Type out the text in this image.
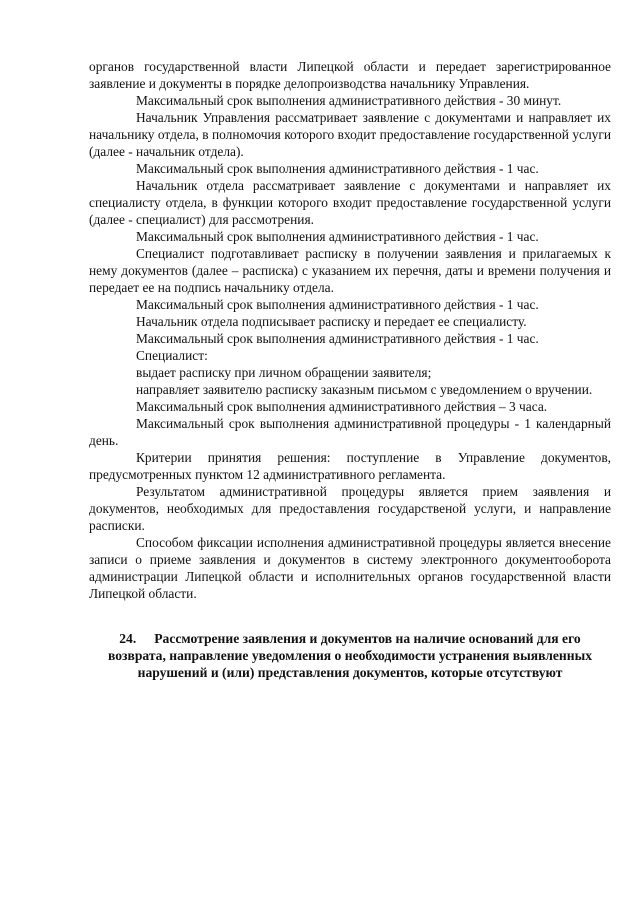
органов государственной власти Липецкой области и передает зарегистрированное заявление и документы в порядке делопроизводства начальнику Управления.

Максимальный срок выполнения административного действия - 30 минут.

Начальник Управления рассматривает заявление с документами и направляет их начальнику отдела, в полномочия которого входит предоставление государственной услуги (далее - начальник отдела).

Максимальный срок выполнения административного действия - 1 час.

Начальник отдела рассматривает заявление с документами и направляет их специалисту отдела, в функции которого входит предоставление государственной услуги (далее - специалист) для рассмотрения.

Максимальный срок выполнения административного действия - 1 час.

Специалист подготавливает расписку в получении заявления и прилагаемых к нему документов (далее – расписка) с указанием их перечня, даты и времени получения и передает ее на подпись начальнику отдела.

Максимальный срок выполнения административного действия - 1 час.

Начальник отдела подписывает расписку и передает ее специалисту.

Максимальный срок выполнения административного действия - 1 час.

Специалист:

выдает расписку при личном обращении заявителя;

направляет заявителю расписку заказным письмом с уведомлением о вручении.

Максимальный срок выполнения административного действия – 3 часа.

Максимальный срок выполнения административной процедуры - 1 календарный день.

Критерии принятия решения: поступление в Управление документов, предусмотренных пунктом 12 административного регламента.

Результатом административной процедуры является прием заявления и документов, необходимых для предоставления государственой услуги, и направление расписки.

Способом фиксации исполнения административной процедуры является внесение записи о приеме заявления и документов в систему электронного документооборота администрации Липецкой области и исполнительных органов государственной власти Липецкой области.

24. Рассмотрение заявления и документов на наличие оснований для его возврата, направление уведомления о необходимости устранения выявленных нарушений и (или) представления документов, которые отсутствуют
